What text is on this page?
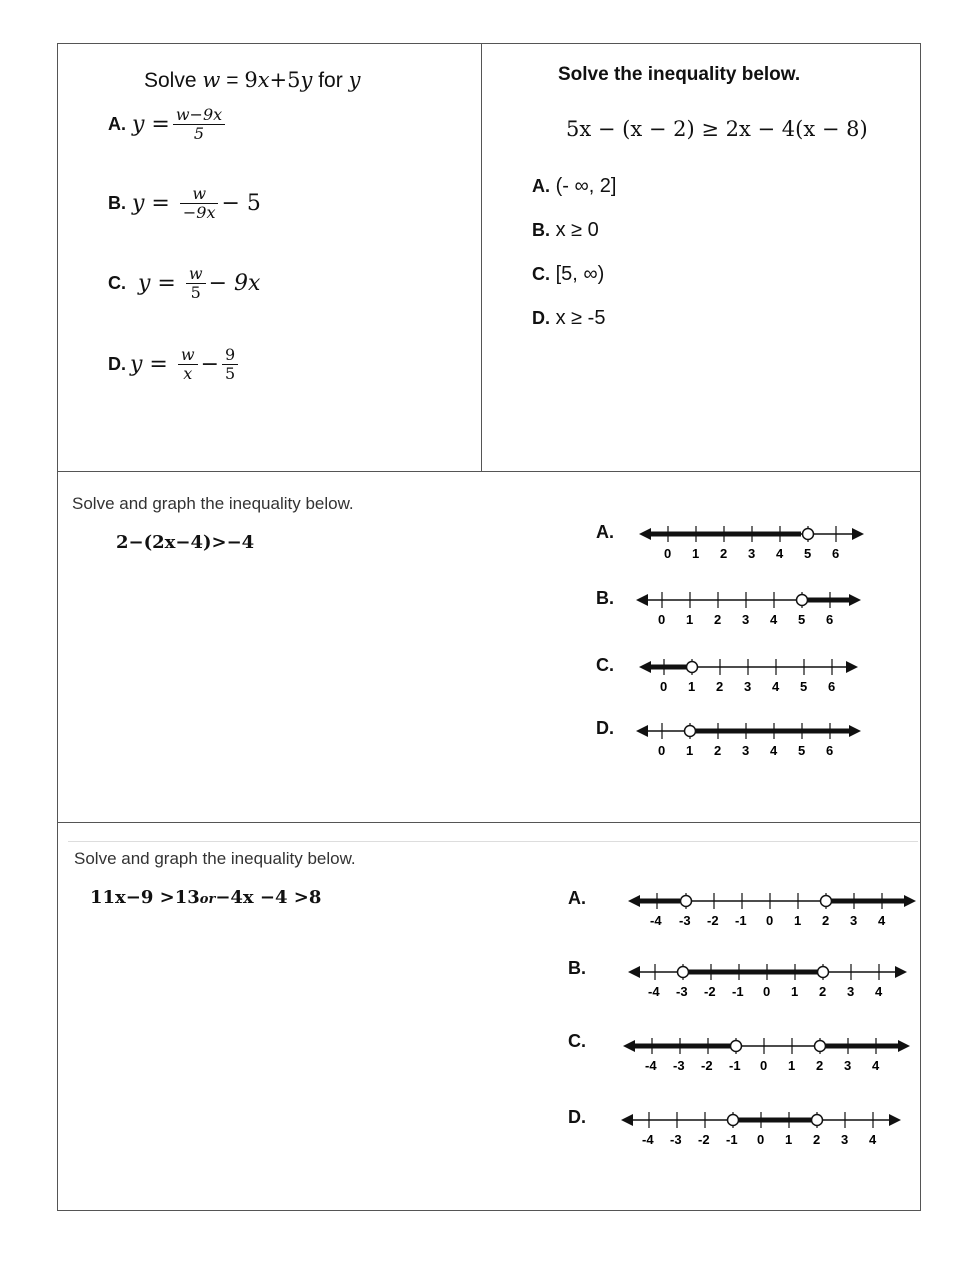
Solve w = 9x+5y for y
A. $y = \frac{w-9x}{5}$
B. $y = \frac{w}{-9x} - 5$
C. $y = \frac{w}{5} - 9x$
D. $y = \frac{w}{x} - \frac{9}{5}$
Solve the inequality below.
5x − (x − 2) ≥ 2x − 4(x − 8)
A. (- ∞, 2]
B. x ≥ 0
C. [5, ∞)
D. x ≥ -5
Solve and graph the inequality below.
2−(2x−4)>−4	A.
B.
C.
D.
0 1 2 3 4 5 6
0 1 2 3 4 5 6
0 1 2 3 4 5 6
0 1 2 3 4 5 6
Solve and graph the inequality below.
11x−9 >13or−4x −4 >8	A.
B.
C.
D.
-4 -3 -2 -1 0 1 2 3 4
-4 -3 -2 -1 0 1 2 3 4
-4 -3 -2 -1 0 1 2 3 4
-4 -3 -2 -1 0 1 2 3 4
